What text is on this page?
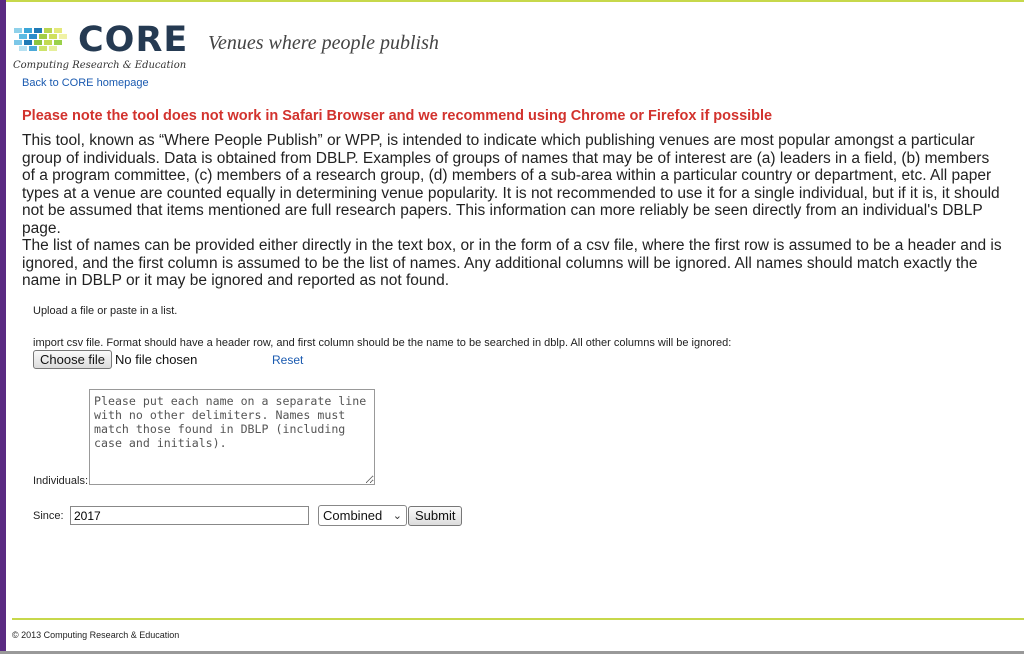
CORE
Computing Research & Education
Venues where people publish
Back to CORE homepage
Please note the tool does not work in Safari Browser and we recommend using Chrome or Firefox if possible

This tool, known as “Where People Publish” or WPP, is intended to indicate which publishing venues are most popular amongst a particular group of individuals. Data is obtained from DBLP. Examples of groups of names that may be of interest are (a) leaders in a field, (b) members of a program committee, (c) members of a research group, (d) members of a sub-area within a particular country or department, etc. All paper types at a venue are counted equally in determining venue popularity. It is not recommended to use it for a single individual, but if it is, it should not be assumed that items mentioned are full research papers. This information can more reliably be seen directly from an individual's DBLP page.

The list of names can be provided either directly in the text box, or in the form of a csv file, where the first row is assumed to be a header and is ignored, and the first column is assumed to be the list of names. Any additional columns will be ignored. All names should match exactly the name in DBLP or it may be ignored and reported as not found.

Upload a file or paste in a list.
import csv file. Format should have a header row, and first column should be the name to be searched in dblp. All other columns will be ignored:
Choose file No file chosen	Reset
Individuals:
Please put each name on a separate line with no other delimiters. Names must match those found in DBLP (including case and initials).
Since:
2017	Combined ⌄	Submit
© 2013 Computing Research & Education
